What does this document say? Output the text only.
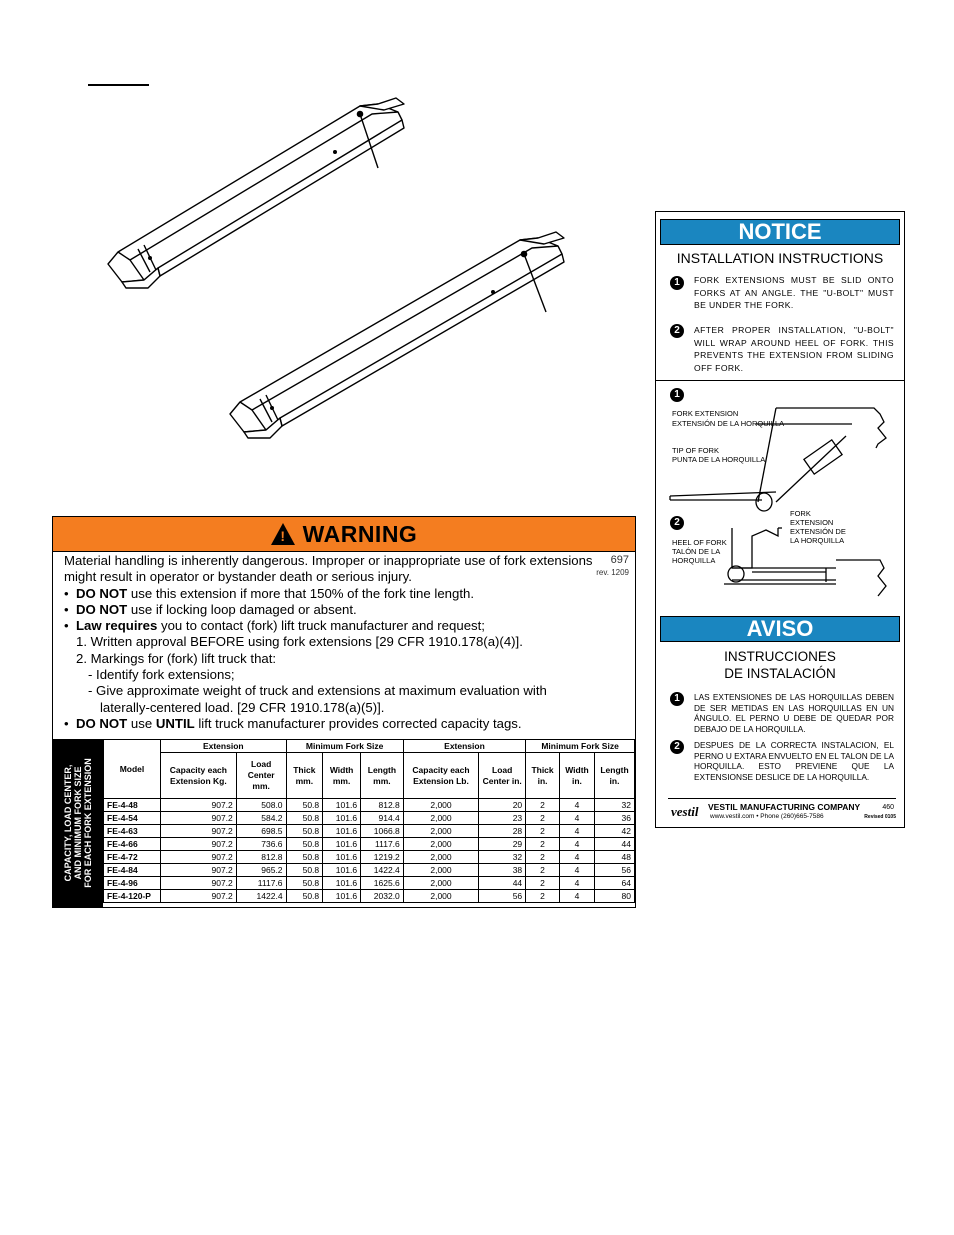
! WARNING
697
rev. 1209

Material handling is inherently dangerous. Improper or inappropriate use of fork extensions might result in operator or bystander death or serious injury.

•  DO NOT use this extension if more that 150% of the fork tine length.

•  DO NOT use if locking loop damaged or absent.

•  Law requires you to contact (fork) lift truck manufacturer and request;

1. Written approval BEFORE using fork extensions [29 CFR 1910.178(a)(4)].

2. Markings for (fork) lift truck that:

- Identify fork extensions;

- Give approximate weight of truck and extensions at maximum evaluation with

laterally-centered load. [29 CFR 1910.178(a)(5)].

•  DO NOT use UNTIL lift truck manufacturer provides corrected capacity tags.

CAPACITY, LOAD CENTER,
AND MINIMUM FORK SIZE
FOR EACH FORK EXTENSION	Model	Extension		Minimum Fork Size			Extension		Minimum Fork Size		
	Capacity each Extension Kg.	Load Center mm.	Thick mm.	Width mm.	Length mm.	Capacity each Extension Lb.	Load Center in.	Thick in.	Width in.	Length in.
FE-4-48	907.2	508.0	50.8	101.6	812.8	2,000	20	2	4	32
FE-4-54	907.2	584.2	50.8	101.6	914.4	2,000	23	2	4	36
FE-4-63	907.2	698.5	50.8	101.6	1066.8	2,000	28	2	4	42
FE-4-66	907.2	736.6	50.8	101.6	1117.6	2,000	29	2	4	44
FE-4-72	907.2	812.8	50.8	101.6	1219.2	2,000	32	2	4	48
FE-4-84	907.2	965.2	50.8	101.6	1422.4	2,000	38	2	4	56
FE-4-96	907.2	1117.6	50.8	101.6	1625.6	2,000	44	2	4	64
FE-4-120-P	907.2	1422.4	50.8	101.6	2032.0	2,000	56	2	4	80
NOTICE
INSTALLATION INSTRUCTIONS
1	FORK EXTENSIONS MUST BE SLID ONTO FORKS AT AN ANGLE. THE "U-BOLT" MUST BE UNDER THE FORK.
2	AFTER PROPER INSTALLATION, "U-BOLT" WILL WRAP AROUND HEEL OF FORK. THIS PREVENTS THE EXTENSION FROM SLIDING OFF FORK.
1
FORK EXTENSION
EXTENSIÓN DE LA HORQUILLA
TIP OF FORK
PUNTA DE LA HORQUILLA
2
FORK
EXTENSION
EXTENSIÓN DE
LA HORQUILLA
HEEL OF FORK
TALÓN DE LA
HORQUILLA
AVISO
INSTRUCCIONES
DE INSTALACIÓN
1	LAS EXTENSIONES DE LAS HORQUILLAS DEBEN DE SER METIDAS EN LAS HORQUILLAS EN UN ÁNGULO. EL PERNO U DEBE DE QUEDAR POR DEBAJO DE LA HORQUILLA.
2	DESPUES DE LA CORRECTA INSTALACION, EL PERNO U EXTARA ENVUELTO EN EL TALON DE LA HORQUILLA. ESTO PREVIENE QUE LA EXTENSIONSE DESLICE DE LA HORQUILLA.
vestil VESTIL MANUFACTURING COMPANY
www.vestil.com • Phone (260)665-7586
460
Revised 0105
